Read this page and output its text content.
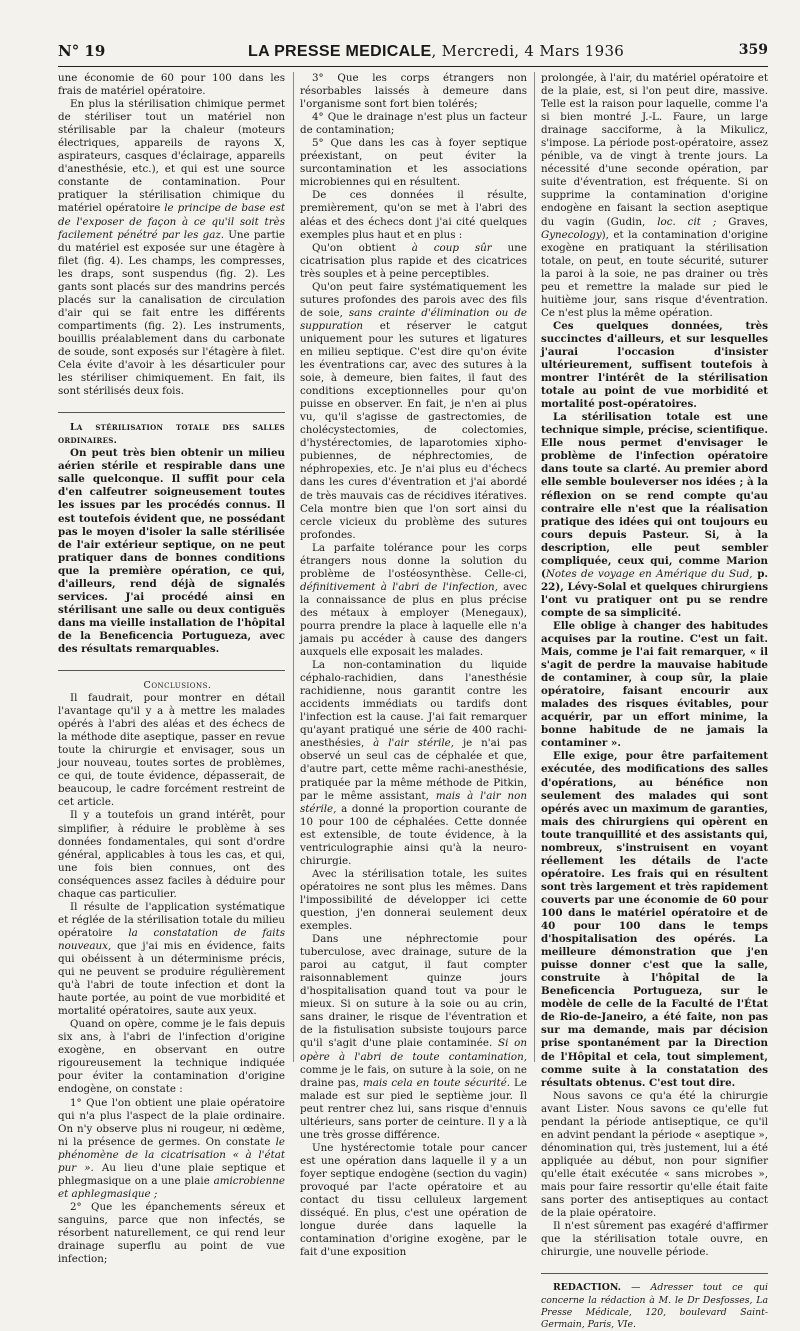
N° 19	LA PRESSE MEDICALE, Mercredi, 4 Mars 1936	359

une économie de 60 pour 100 dans les frais de matériel opératoire.

En plus la stérilisation chimique permet de stériliser tout un matériel non stérilisable par la chaleur (moteurs électriques, appareils de rayons X, aspirateurs, casques d'éclairage, appareils d'anesthésie, etc.), et qui est une source constante de contamination. Pour pratiquer la stérilisation chimique du matériel opératoire le principe de base est de l'exposer de façon à ce qu'il soit très facilement pénétré par les gaz. Une partie du matériel est exposée sur une étagère à filet (fig. 4). Les champs, les compresses, les draps, sont suspendus (fig. 2). Les gants sont placés sur des mandrins percés placés sur la canalisation de circulation d'air qui se fait entre les différents compartiments (fig. 2). Les instruments, bouillis préalablement dans du carbonate de soude, sont exposés sur l'étagère à filet. Cela évite d'avoir à les désarticuler pour les stériliser chimiquement. En fait, ils sont stérilisés deux fois.

La stérilisation totale des salles ordinaires.

On peut très bien obtenir un milieu aérien stérile et respirable dans une salle quelconque. Il suffit pour cela d'en calfeutrer soigneusement toutes les issues par les procédés connus. Il est toutefois évident que, ne possédant pas le moyen d'isoler la salle stérilisée de l'air extérieur septique, on ne peut pratiquer dans de bonnes conditions que la première opération, ce qui, d'ailleurs, rend déjà de signalés services. J'ai procédé ainsi en stérilisant une salle ou deux contiguës dans ma vieille installation de l'hôpital de la Beneficencia Portugueza, avec des résultats remarquables.

Conclusions.

Il faudrait, pour montrer en détail l'avantage qu'il y a à mettre les malades opérés à l'abri des aléas et des échecs de la méthode dite aseptique, passer en revue toute la chirurgie et envisager, sous un jour nouveau, toutes sortes de problèmes, ce qui, de toute évidence, dépasserait, de beaucoup, le cadre forcément restreint de cet article.

Il y a toutefois un grand intérêt, pour simplifier, à réduire le problème à ses données fondamentales, qui sont d'ordre général, applicables à tous les cas, et qui, une fois bien connues, ont des conséquences assez faciles à déduire pour chaque cas particulier.

Il résulte de l'application systématique et réglée de la stérilisation totale du milieu opératoire la constatation de faits nouveaux, que j'ai mis en évidence, faits qui obéissent à un déterminisme précis, qui ne peuvent se produire régulièrement qu'à l'abri de toute infection et dont la haute portée, au point de vue morbidité et mortalité opératoires, saute aux yeux.

Quand on opère, comme je le fais depuis six ans, à l'abri de l'infection d'origine exogène, en observant en outre rigoureusement la technique indiquée pour éviter la contamination d'origine endogène, on constate :

1° Que l'on obtient une plaie opératoire qui n'a plus l'aspect de la plaie ordinaire. On n'y observe plus ni rougeur, ni œdème, ni la présence de germes. On constate le phénomène de la cicatrisation « à l'état pur ». Au lieu d'une plaie septique et phlegmasique on a une plaie amicrobienne et aphlegmasique ;

2° Que les épanchements séreux et sanguins, parce que non infectés, se résorbent naturellement, ce qui rend leur drainage superflu au point de vue infection;

3° Que les corps étrangers non résorbables laissés à demeure dans l'organisme sont fort bien tolérés;

4° Que le drainage n'est plus un facteur de contamination;

5° Que dans les cas à foyer septique préexistant, on peut éviter la surcontamination et les associations microbiennes qui en résultent.

De ces données il résulte, premièrement, qu'on se met à l'abri des aléas et des échecs dont j'ai cité quelques exemples plus haut et en plus :

Qu'on obtient à coup sûr une cicatrisation plus rapide et des cicatrices très souples et à peine perceptibles.

Qu'on peut faire systématiquement les sutures profondes des parois avec des fils de soie, sans crainte d'élimination ou de suppuration et réserver le catgut uniquement pour les sutures et ligatures en milieu septique. C'est dire qu'on évite les éventrations car, avec des sutures à la soie, à demeure, bien faites, il faut des conditions exceptionnelles pour qu'on puisse en observer. En fait, je n'en ai plus vu, qu'il s'agisse de gastrectomies, de cholécystectomies, de colectomies, d'hystérectomies, de laparotomies xipho-pubiennes, de néphrectomies, de néphropexies, etc. Je n'ai plus eu d'échecs dans les cures d'éventration et j'ai abordé de très mauvais cas de récidives itératives. Cela montre bien que l'on sort ainsi du cercle vicieux du problème des sutures profondes.

La parfaite tolérance pour les corps étrangers nous donne la solution du problème de l'ostéosynthèse. Celle-ci, définitivement à l'abri de l'infection, avec la connaissance de plus en plus précise des métaux à employer (Menegaux), pourra prendre la place à laquelle elle n'a jamais pu accéder à cause des dangers auxquels elle exposait les malades.

La non-contamination du liquide céphalo-rachidien, dans l'anesthésie rachidienne, nous garantit contre les accidents immédiats ou tardifs dont l'infection est la cause. J'ai fait remarquer qu'ayant pratiqué une série de 400 rachi-anesthésies, à l'air stérile, je n'ai pas observé un seul cas de céphalée et que, d'autre part, cette même rachi-anesthésie, pratiquée par la même méthode de Pitkin, par le même assistant, mais à l'air non stérile, a donné la proportion courante de 10 pour 100 de céphalées. Cette donnée est extensible, de toute évidence, à la ventriculographie ainsi qu'à la neuro-chirurgie.

Avec la stérilisation totale, les suites opératoires ne sont plus les mêmes. Dans l'impossibilité de développer ici cette question, j'en donnerai seulement deux exemples.

Dans une néphrectomie pour tuberculose, avec drainage, suture de la paroi au catgut, il faut compter raisonnablement quinze jours d'hospitalisation quand tout va pour le mieux. Si on suture à la soie ou au crin, sans drainer, le risque de l'éventration et de la fistulisation subsiste toujours parce qu'il s'agit d'une plaie contaminée. Si on opère à l'abri de toute contamination, comme je le fais, on suture à la soie, on ne draine pas, mais cela en toute sécurité. Le malade est sur pied le septième jour. Il peut rentrer chez lui, sans risque d'ennuis ultérieurs, sans porter de ceinture. Il y a là une très grosse différence.

Une hystérectomie totale pour cancer est une opération dans laquelle il y a un foyer septique endogène (section du vagin) provoqué par l'acte opératoire et au contact du tissu celluleux largement disséqué. En plus, c'est une opération de longue durée dans laquelle la contamination d'origine exogène, par le fait d'une exposition

prolongée, à l'air, du matériel opératoire et de la plaie, est, si l'on peut dire, massive. Telle est la raison pour laquelle, comme l'a si bien montré J.-L. Faure, un large drainage sacciforme, à la Mikulicz, s'impose. La période post-opératoire, assez pénible, va de vingt à trente jours. La nécessité d'une seconde opération, par suite d'éventration, est fréquente. Si on supprime la contamination d'origine endogène en faisant la section aseptique du vagin (Gudin, loc. cit ; Graves, Gynecology), et la contamination d'origine exogène en pratiquant la stérilisation totale, on peut, en toute sécurité, suturer la paroi à la soie, ne pas drainer ou très peu et remettre la malade sur pied le huitième jour, sans risque d'éventration. Ce n'est plus la même opération.

Ces quelques données, très succinctes d'ailleurs, et sur lesquelles j'aurai l'occasion d'insister ultérieurement, suffisent toutefois à montrer l'intérêt de la stérilisation totale au point de vue morbidité et mortalité post-opératoires.

La stérilisation totale est une technique simple, précise, scientifique. Elle nous permet d'envisager le problème de l'infection opératoire dans toute sa clarté. Au premier abord elle semble bouleverser nos idées ; à la réflexion on se rend compte qu'au contraire elle n'est que la réalisation pratique des idées qui ont toujours eu cours depuis Pasteur. Si, à la description, elle peut sembler compliquée, ceux qui, comme Marion (Notes de voyage en Amérique du Sud, p. 22), Lévy-Solal et quelques chirurgiens l'ont vu pratiquer ont pu se rendre compte de sa simplicité.

Elle oblige à changer des habitudes acquises par la routine. C'est un fait. Mais, comme je l'ai fait remarquer, « il s'agit de perdre la mauvaise habitude de contaminer, à coup sûr, la plaie opératoire, faisant encourir aux malades des risques évitables, pour acquérir, par un effort minime, la bonne habitude de ne jamais la contaminer ».

Elle exige, pour être parfaitement exécutée, des modifications des salles d'opérations, au bénéfice non seulement des malades qui sont opérés avec un maximum de garanties, mais des chirurgiens qui opèrent en toute tranquillité et des assistants qui, nombreux, s'instruisent en voyant réellement les détails de l'acte opératoire. Les frais qui en résultent sont très largement et très rapidement couverts par une économie de 60 pour 100 dans le matériel opératoire et de 40 pour 100 dans le temps d'hospitalisation des opérés. La meilleure démonstration que j'en puisse donner c'est que la salle, construite à l'hôpital de la Beneficencia Portugueza, sur le modèle de celle de la Faculté de l'État de Rio-de-Janeiro, a été faite, non pas sur ma demande, mais par décision prise spontanément par la Direction de l'Hôpital et cela, tout simplement, comme suite à la constatation des résultats obtenus. C'est tout dire.

Nous savons ce qu'a été la chirurgie avant Lister. Nous savons ce qu'elle fut pendant la période antiseptique, ce qu'il en advint pendant la période « aseptique », dénomination qui, très justement, lui a été appliquée au début, non pour signifier qu'elle était exécutée « sans microbes », mais pour faire ressortir qu'elle était faite sans porter des antiseptiques au contact de la plaie opératoire.

Il n'est sûrement pas exagéré d'affirmer que la stérilisation totale ouvre, en chirurgie, une nouvelle période.

REDACTION. — Adresser tout ce qui concerne la rédaction à M. le Dr Desfosses, La Presse Médicale, 120, boulevard Saint-Germain, Paris, VIe.
